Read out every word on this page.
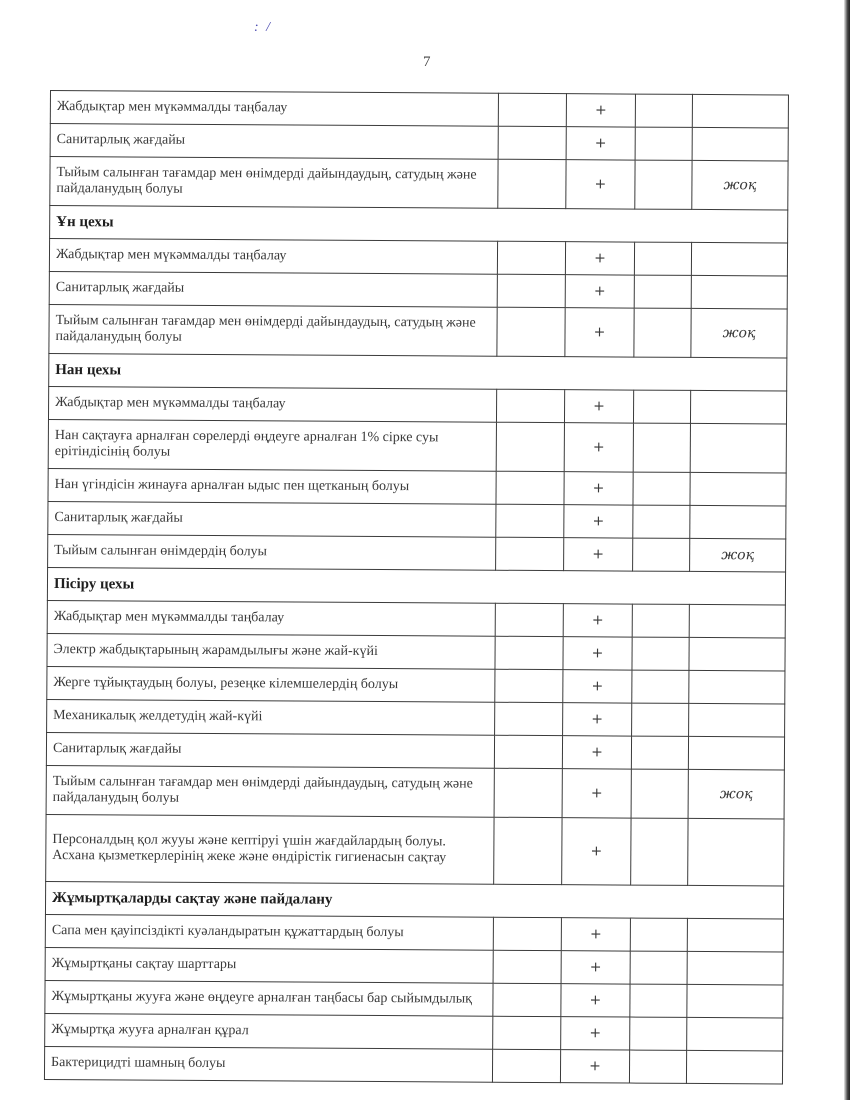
: /
7
Жабдықтар мен мүкәммалды таңбалау		+		
Санитарлық жағдайы		+		
Тыйым салынған тағамдар мен өнімдерді дайындаудың, сатудың және пайдаланудың болуы		+		жоқ
Ұн цехы				
Жабдықтар мен мүкәммалды таңбалау		+		
Санитарлық жағдайы		+		
Тыйым салынған тағамдар мен өнімдерді дайындаудың, сатудың және пайдаланудың болуы		+		жоқ
Нан цехы				
Жабдықтар мен мүкәммалды таңбалау		+		
Нан сақтауға арналған сөрелерді өңдеуге арналған 1% сірке суы ерітіндісінің болуы		+		
Нан үгіндісін жинауға арналған ыдыс пен щетканың болуы		+		
Санитарлық жағдайы		+		
Тыйым салынған өнімдердің болуы		+		жоқ
Пісіру цехы				
Жабдықтар мен мүкәммалды таңбалау		+		
Электр жабдықтарының жарамдылығы және жай-күйі		+		
Жерге тұйықтаудың болуы, резеңке кілемшелердің болуы		+		
Механикалық желдетудің жай-күйі		+		
Санитарлық жағдайы		+		
Тыйым салынған тағамдар мен өнімдерді дайындаудың, сатудың және пайдаланудың болуы		+		жоқ
Персоналдың қол жууы және кептіруі үшін жағдайлардың болуы. Асхана қызметкерлерінің жеке және өндірістік гигиенасын сақтау		+		
Жұмыртқаларды сақтау және пайдалану				
Сапа мен қауіпсіздікті куәландыратын құжаттардың болуы		+		
Жұмыртқаны сақтау шарттары		+		
Жұмыртқаны жууға және өңдеуге арналған таңбасы бар сыйымдылық		+		
Жұмыртқа жууға арналған құрал		+		
Бактерицидті шамның болуы		+		
